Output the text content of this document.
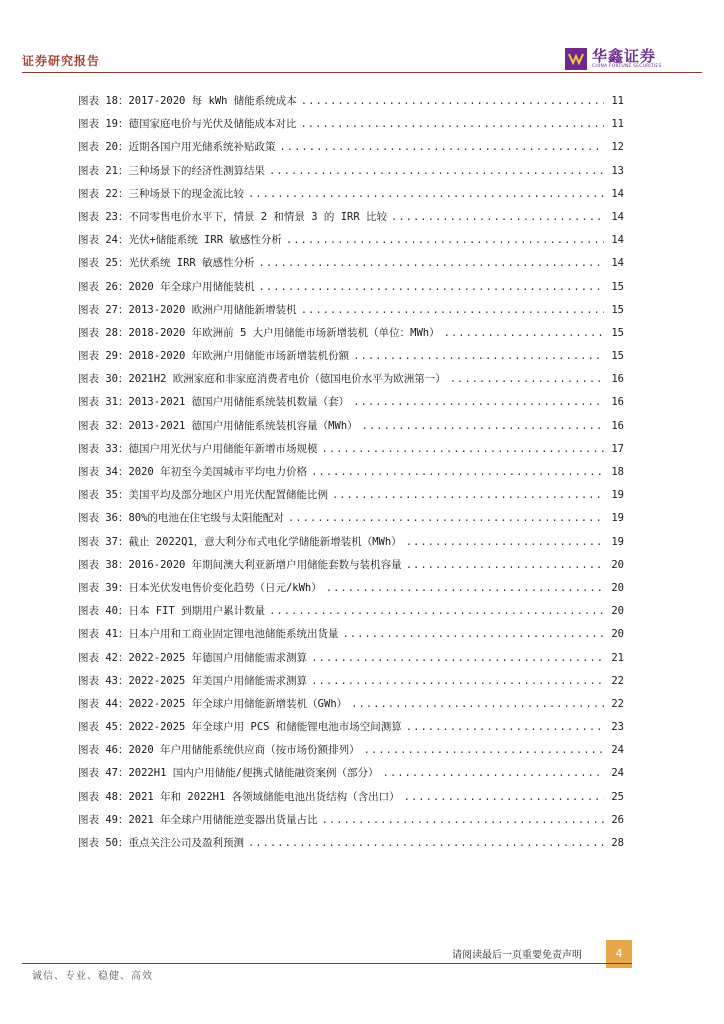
证券研究报告	华鑫证券
CHINA FORTUNE SECURITIES
图表 18：2017-2020 每 kWh 储能系统成本 .....	11
图表 19：德国家庭电价与光伏及储能成本对比 .....	11
图表 20：近期各国户用光储系统补贴政策 .....	12
图表 21：三种场景下的经济性测算结果 .....	13
图表 22：三种场景下的现金流比较 .....	14
图表 23：不同零售电价水平下，情景 2 和情景 3 的 IRR 比较 .....	14
图表 24：光伏+储能系统 IRR 敏感性分析 .....	14
图表 25：光伏系统 IRR 敏感性分析 .....	14
图表 26：2020 年全球户用储能装机 .....	15
图表 27：2013-2020 欧洲户用储能新增装机 .....	15
图表 28：2018-2020 年欧洲前 5 大户用储能市场新增装机（单位：MWh） .....	15
图表 29：2018-2020 年欧洲户用储能市场新增装机份额 .....	15
图表 30：2021H2 欧洲家庭和非家庭消费者电价（德国电价水平为欧洲第一） .....	16
图表 31：2013-2021 德国户用储能系统装机数量（套） .....	16
图表 32：2013-2021 德国户用储能系统装机容量（MWh） .....	16
图表 33：德国户用光伏与户用储能年新增市场规模 .....	17
图表 34：2020 年初至今美国城市平均电力价格 .....	18
图表 35：美国平均及部分地区户用光伏配置储能比例 .....	19
图表 36：80%的电池在住宅级与太阳能配对 .....	19
图表 37：截止 2022Q1，意大利分布式电化学储能新增装机（MWh） .....	19
图表 38：2016-2020 年期间澳大利亚新增户用储能套数与装机容量 .....	20
图表 39：日本光伏发电售价变化趋势（日元/kWh） .....	20
图表 40：日本 FIT 到期用户累计数量 .....	20
图表 41：日本户用和工商业固定锂电池储能系统出货量 .....	20
图表 42：2022-2025 年德国户用储能需求测算 .....	21
图表 43：2022-2025 年美国户用储能需求测算 .....	22
图表 44：2022-2025 年全球户用储能新增装机（GWh） .....	22
图表 45：2022-2025 年全球户用 PCS 和储能锂电池市场空间测算 .....	23
图表 46：2020 年户用储能系统供应商（按市场份额排列） .....	24
图表 47：2022H1 国内户用储能/便携式储能融资案例（部分） .....	24
图表 48：2021 年和 2022H1 各领域储能电池出货结构（含出口） .....	25
图表 49：2021 年全球户用储能逆变器出货量占比 .....	26
图表 50：重点关注公司及盈利预测 .....	28
请阅读最后一页重要免责声明	4
诚信、专业、稳健、高效
